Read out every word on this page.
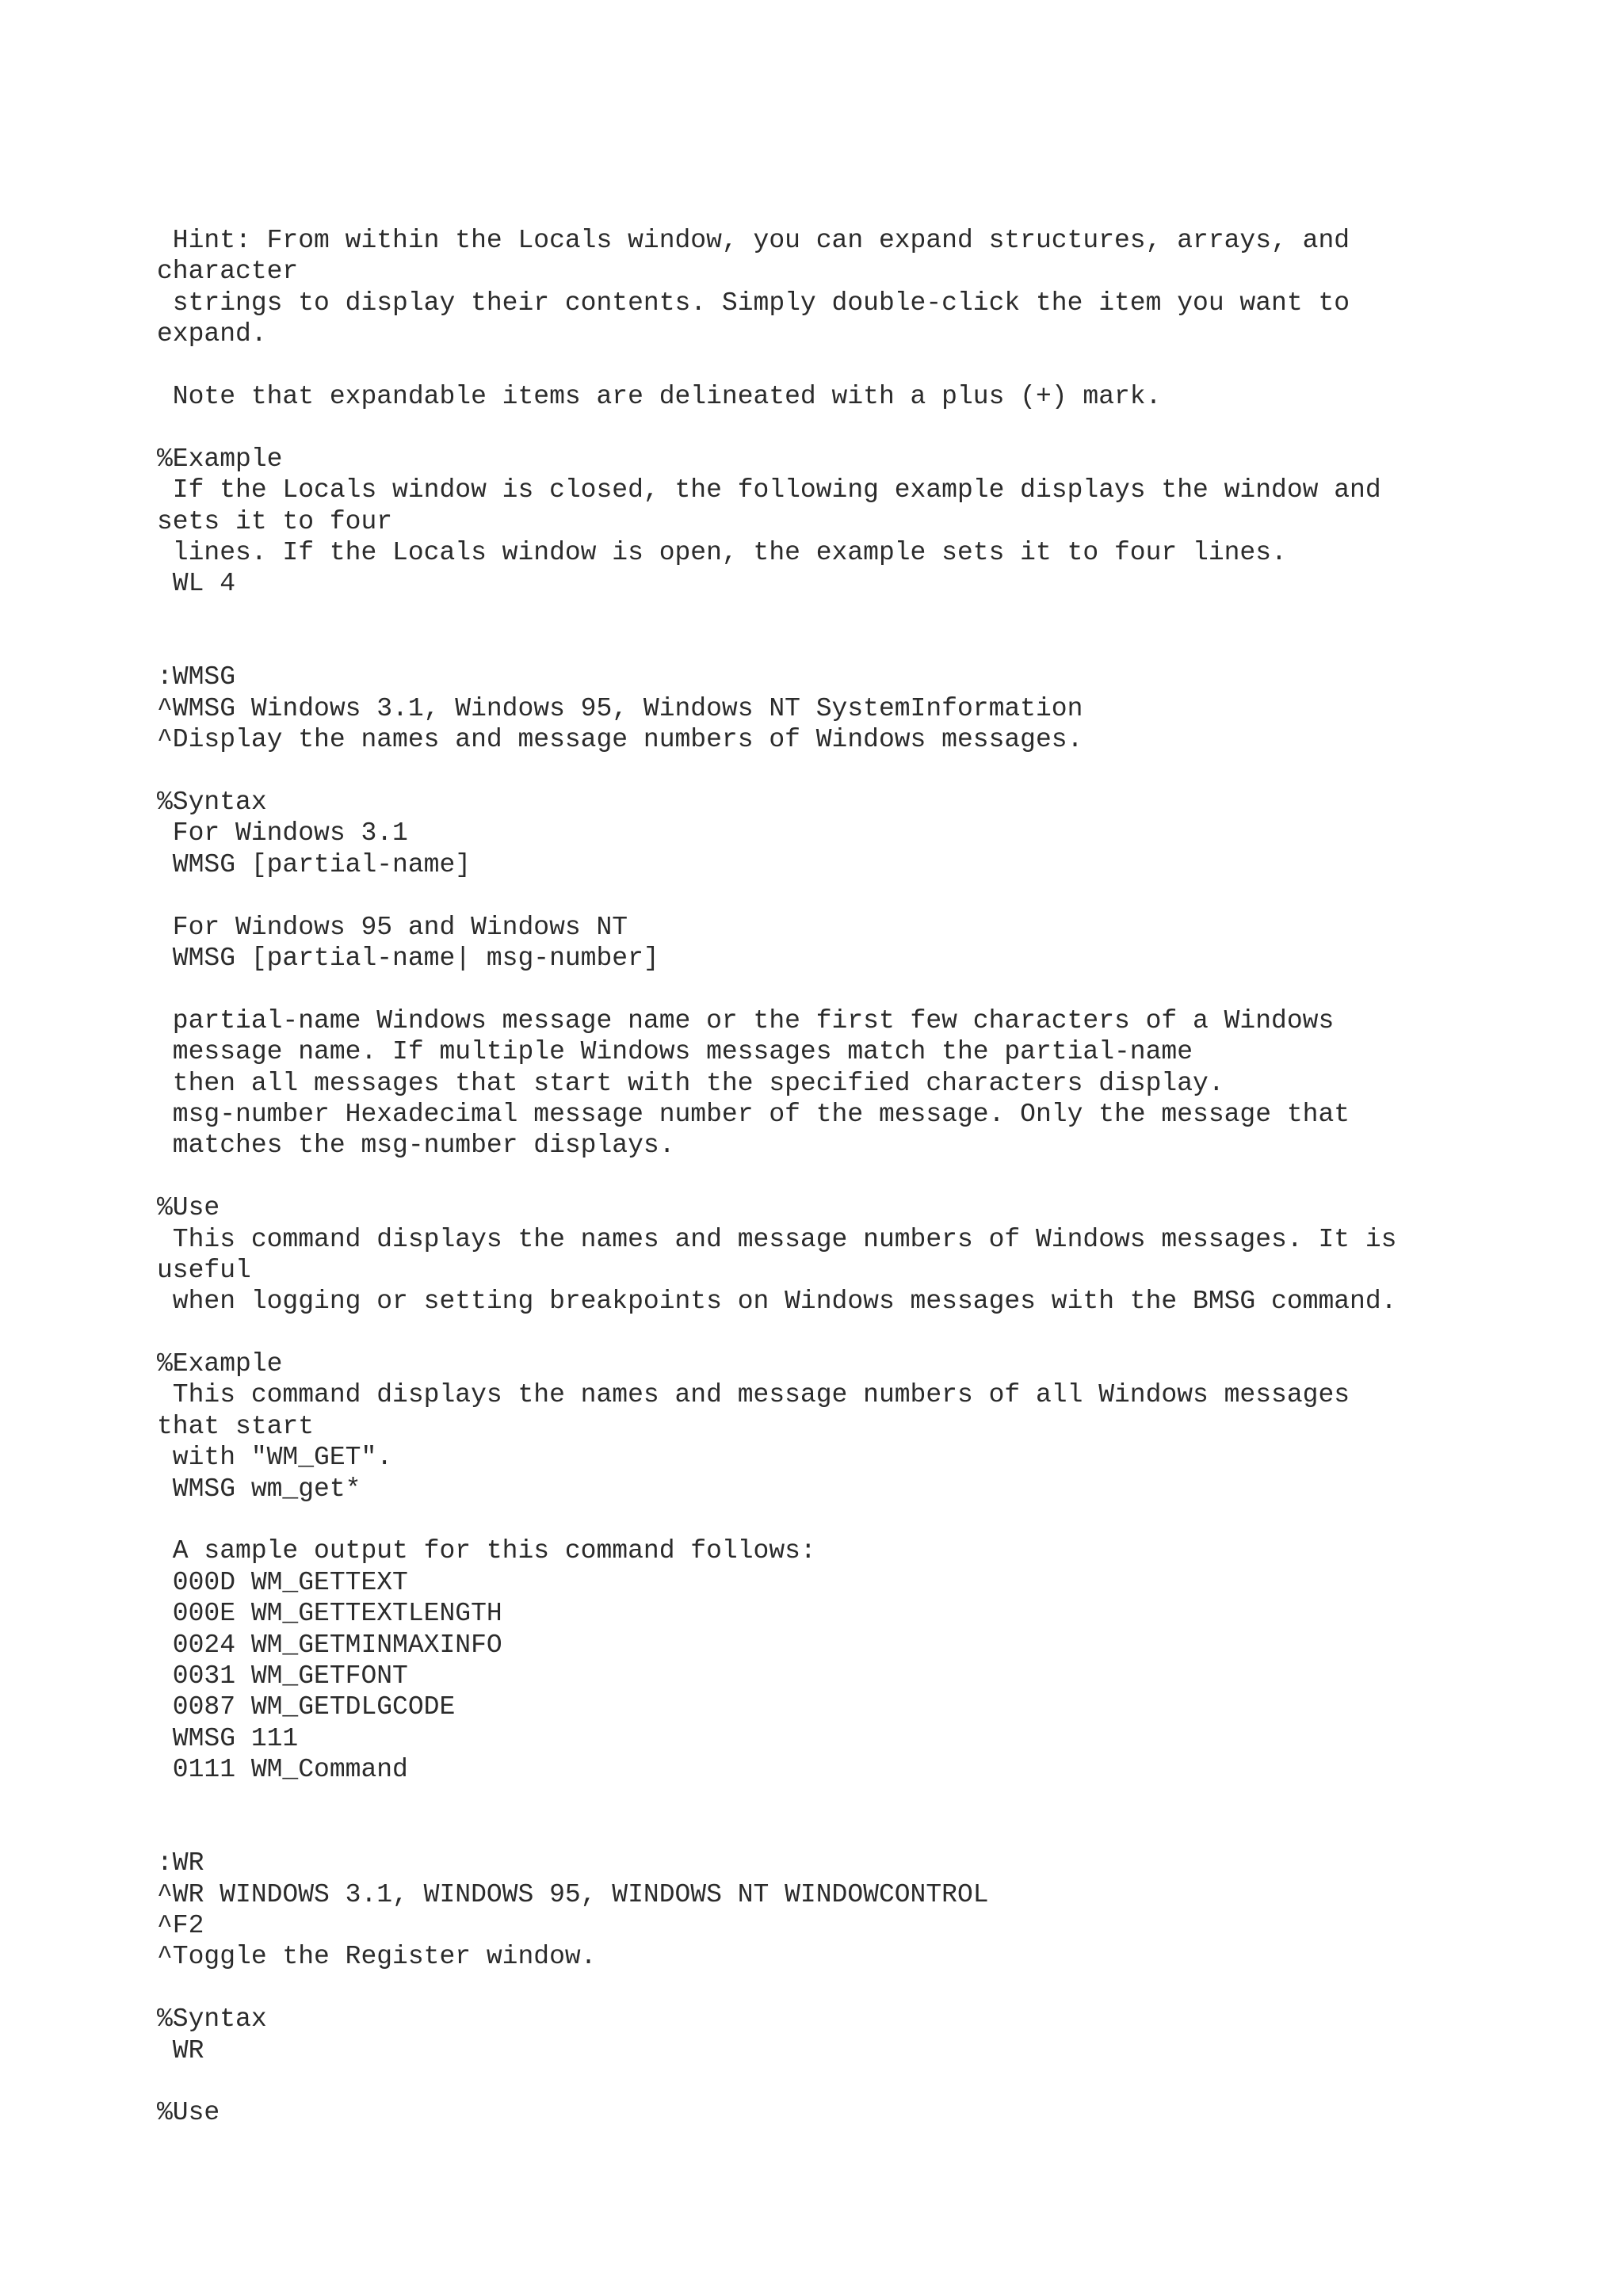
Hint: From within the Locals window, you can expand structures, arrays, and
character
strings to display their contents. Simply double-click the item you want to
expand.
Note that expandable items are delineated with a plus (+) mark.
%Example
If the Locals window is closed, the following example displays the window and
sets it to four
lines. If the Locals window is open, the example sets it to four lines.
WL 4
:WMSG
^WMSG Windows 3.1, Windows 95, Windows NT SystemInformation
^Display the names and message numbers of Windows messages.
%Syntax
For Windows 3.1
WMSG [partial-name]
For Windows 95 and Windows NT
WMSG [partial-name| msg-number]
partial-name Windows message name or the first few characters of a Windows
message name. If multiple Windows messages match the partial-name
then all messages that start with the specified characters display.
msg-number Hexadecimal message number of the message. Only the message that
matches the msg-number displays.
%Use
This command displays the names and message numbers of Windows messages. It is
useful
when logging or setting breakpoints on Windows messages with the BMSG command.
%Example
This command displays the names and message numbers of all Windows messages
that start
with "WM_GET".
WMSG wm_get*
A sample output for this command follows:
000D WM_GETTEXT
000E WM_GETTEXTLENGTH
0024 WM_GETMINMAXINFO
0031 WM_GETFONT
0087 WM_GETDLGCODE
WMSG 111
0111 WM_Command
:WR
^WR WINDOWS 3.1, WINDOWS 95, WINDOWS NT WINDOWCONTROL
^F2
^Toggle the Register window.
%Syntax
WR
%Use
